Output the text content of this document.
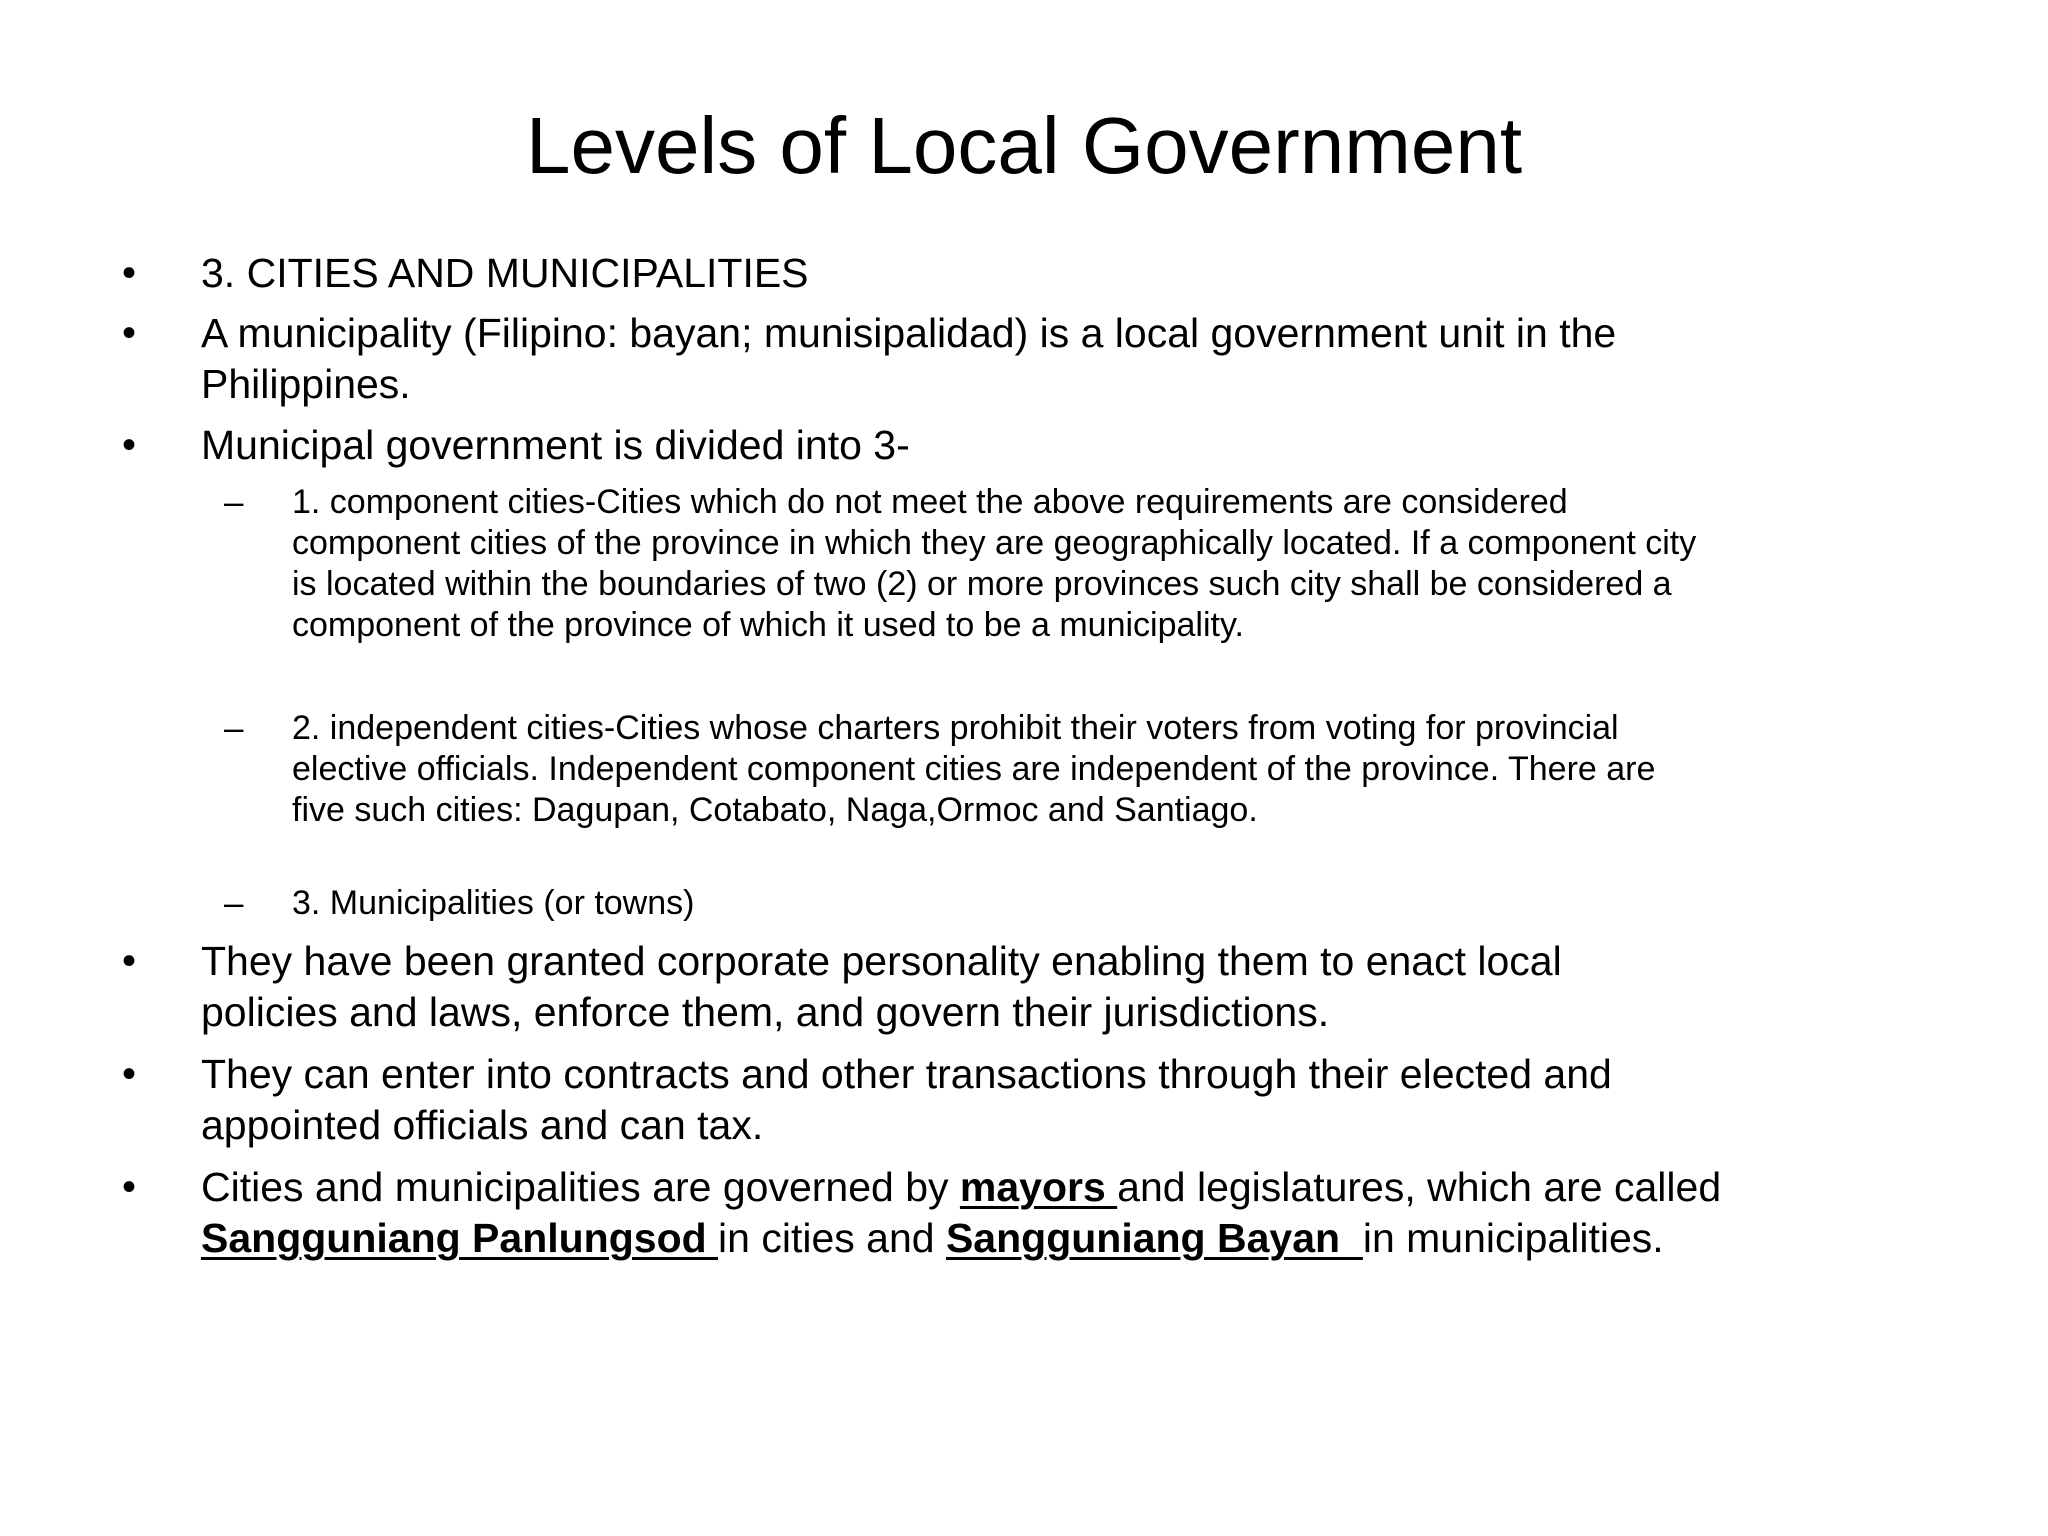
Levels of Local Government
• 3. CITIES AND MUNICIPALITIES
• A municipality (Filipino: bayan; munisipalidad) is a local government unit in the
Philippines.
• Municipal government is divided into 3-
– 1. component cities-Cities which do not meet the above requirements are considered
component cities of the province in which they are geographically located. If a component city
is located within the boundaries of two (2) or more provinces such city shall be considered a
component of the province of which it used to be a municipality.
– 2. independent cities-Cities whose charters prohibit their voters from voting for provincial
elective officials. Independent component cities are independent of the province. There are
five such cities: Dagupan, Cotabato, Naga,Ormoc and Santiago.
– 3. Municipalities (or towns)
• They have been granted corporate personality enabling them to enact local
policies and laws, enforce them, and govern their jurisdictions.
• They can enter into contracts and other transactions through their elected and
appointed officials and can tax.
• Cities and municipalities are governed by mayors and legislatures, which are called
Sangguniang Panlungsod in cities and Sangguniang Bayan  in municipalities.
